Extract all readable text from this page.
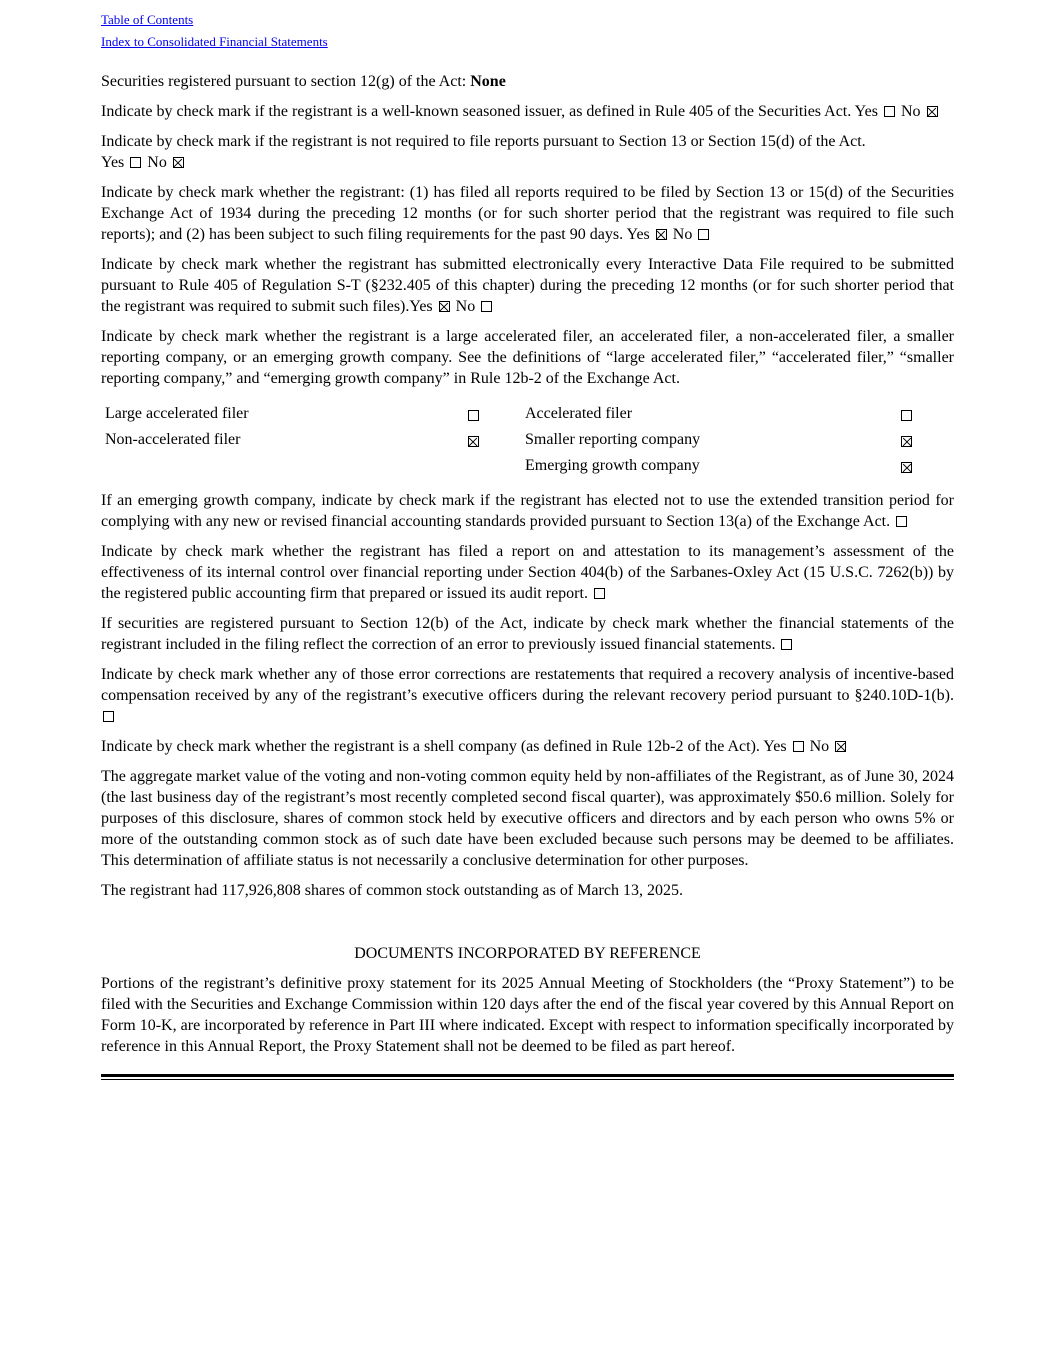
Table of Contents
Index to Consolidated Financial Statements

Securities registered pursuant to section 12(g) of the Act: None

Indicate by check mark if the registrant is a well-known seasoned issuer, as defined in Rule 405 of the Securities Act. Yes No

Indicate by check mark if the registrant is not required to file reports pursuant to Section 13 or Section 15(d) of the Act.
Yes No

Indicate by check mark whether the registrant: (1) has filed all reports required to be filed by Section 13 or 15(d) of the Securities Exchange Act of 1934 during the preceding 12 months (or for such shorter period that the registrant was required to file such reports); and (2) has been subject to such filing requirements for the past 90 days. Yes No

Indicate by check mark whether the registrant has submitted electronically every Interactive Data File required to be submitted pursuant to Rule 405 of Regulation S-T (§232.405 of this chapter) during the preceding 12 months (or for such shorter period that the registrant was required to submit such files).Yes No

Indicate by check mark whether the registrant is a large accelerated filer, an accelerated filer, a non-accelerated filer, a smaller reporting company, or an emerging growth company. See the definitions of “large accelerated filer,” “accelerated filer,” “smaller reporting company,” and “emerging growth company” in Rule 12b-2 of the Exchange Act.

Large accelerated filer		Accelerated filer	
Non-accelerated filer		Smaller reporting company	
		Emerging growth company	

If an emerging growth company, indicate by check mark if the registrant has elected not to use the extended transition period for complying with any new or revised financial accounting standards provided pursuant to Section 13(a) of the Exchange Act.

Indicate by check mark whether the registrant has filed a report on and attestation to its management’s assessment of the effectiveness of its internal control over financial reporting under Section 404(b) of the Sarbanes-Oxley Act (15 U.S.C. 7262(b)) by the registered public accounting firm that prepared or issued its audit report.

If securities are registered pursuant to Section 12(b) of the Act, indicate by check mark whether the financial statements of the registrant included in the filing reflect the correction of an error to previously issued financial statements.

Indicate by check mark whether any of those error corrections are restatements that required a recovery analysis of incentive-based compensation received by any of the registrant’s executive officers during the relevant recovery period pursuant to §240.10D-1(b).

Indicate by check mark whether the registrant is a shell company (as defined in Rule 12b-2 of the Act). Yes No

The aggregate market value of the voting and non-voting common equity held by non-affiliates of the Registrant, as of June 30, 2024 (the last business day of the registrant’s most recently completed second fiscal quarter), was approximately $50.6 million. Solely for purposes of this disclosure, shares of common stock held by executive officers and directors and by each person who owns 5% or more of the outstanding common stock as of such date have been excluded because such persons may be deemed to be affiliates. This determination of affiliate status is not necessarily a conclusive determination for other purposes.

The registrant had 117,926,808 shares of common stock outstanding as of March 13, 2025.

DOCUMENTS INCORPORATED BY REFERENCE

Portions of the registrant’s definitive proxy statement for its 2025 Annual Meeting of Stockholders (the “Proxy Statement”) to be filed with the Securities and Exchange Commission within 120 days after the end of the fiscal year covered by this Annual Report on Form 10-K, are incorporated by reference in Part III where indicated. Except with respect to information specifically incorporated by reference in this Annual Report, the Proxy Statement shall not be deemed to be filed as part hereof.
